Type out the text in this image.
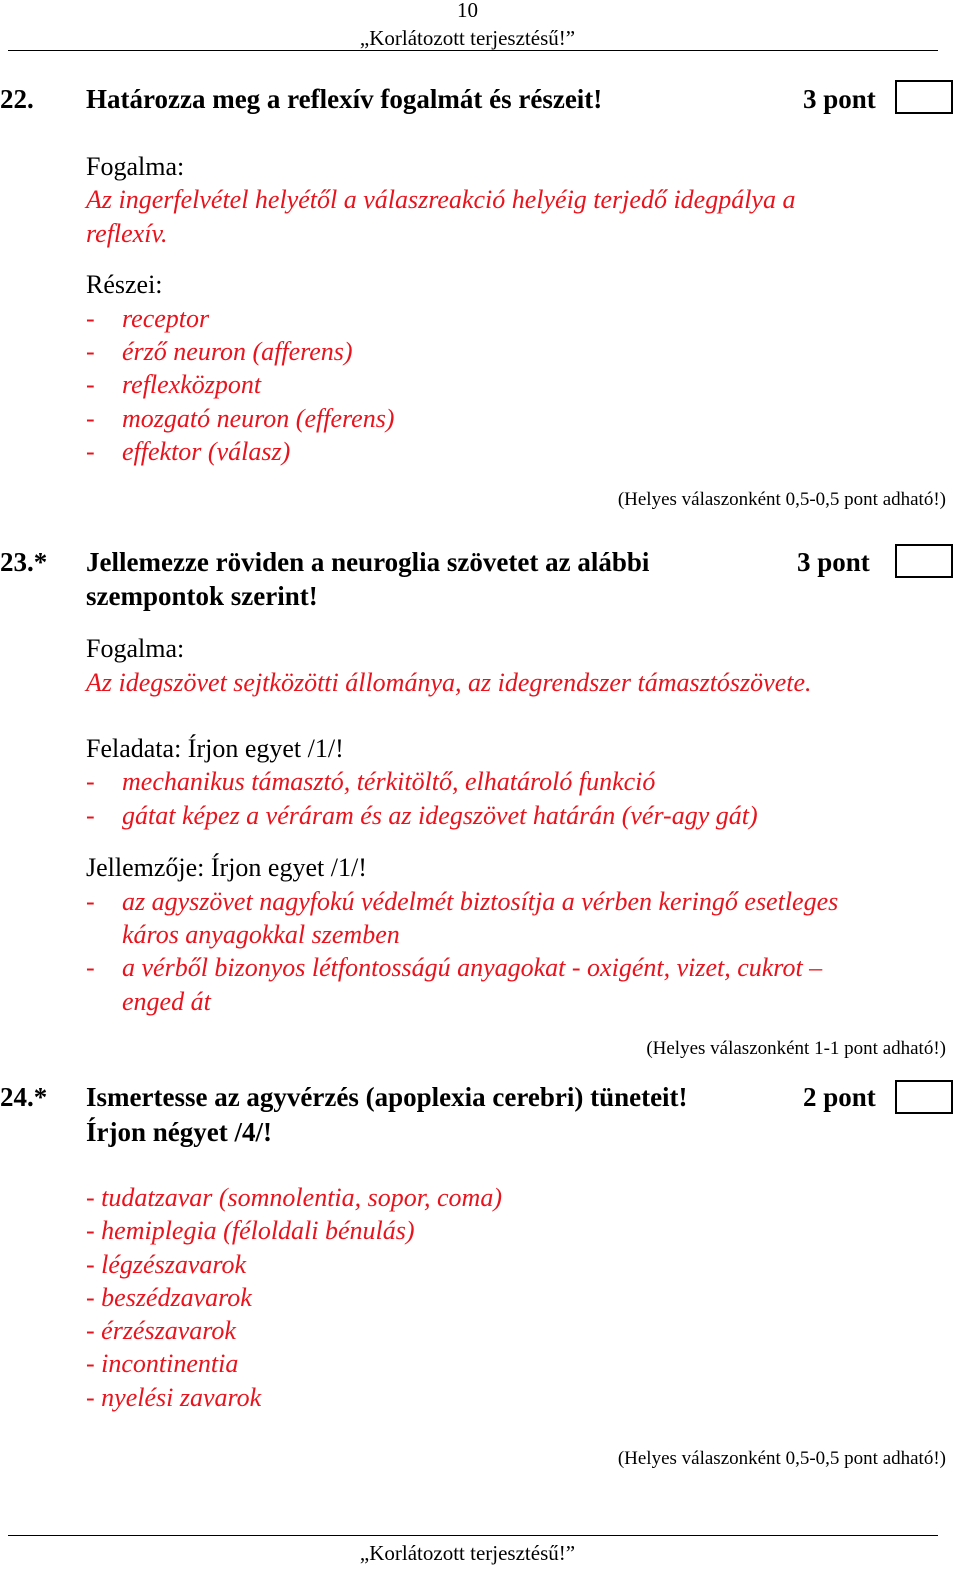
10
„Korlátozott terjesztésű!”
22. Határozza meg a reflexív fogalmát és részeit!	3 pont
Fogalma:
Az ingerfelvétel helyétől a válaszreakció helyéig terjedő idegpálya a
reflexív.
Részei:
- receptor
- érző neuron (afferens)
- reflexközpont
- mozgató neuron (efferens)
- effektor (válasz)
(Helyes válaszonként 0,5-0,5 pont adható!)
23.* Jellemezze röviden a neuroglia szövetet az alábbi
szempontok szerint!
3 pont
Fogalma:
Az idegszövet sejtközötti állománya, az idegrendszer támasztószövete.
Feladata: Írjon egyet /1/!
- mechanikus támasztó, térkitöltő, elhatároló funkció
- gátat képez a véráram és az idegszövet határán (vér-agy gát)
Jellemzője: Írjon egyet /1/!
- az agyszövet nagyfokú védelmét biztosítja a vérben keringő esetleges
káros anyagokkal szemben
- a vérből bizonyos létfontosságú anyagokat - oxigént, vizet, cukrot –
enged át
(Helyes válaszonként 1-1 pont adható!)
24.* Ismertesse az agyvérzés (apoplexia cerebri) tüneteit!
Írjon négyet /4/!
2 pont
- tudatzavar (somnolentia, sopor, coma)
- hemiplegia (féloldali bénulás)
- légzészavarok
- beszédzavarok
- érzészavarok
- incontinentia
- nyelési zavarok
(Helyes válaszonként 0,5-0,5 pont adható!)
„Korlátozott terjesztésű!”
